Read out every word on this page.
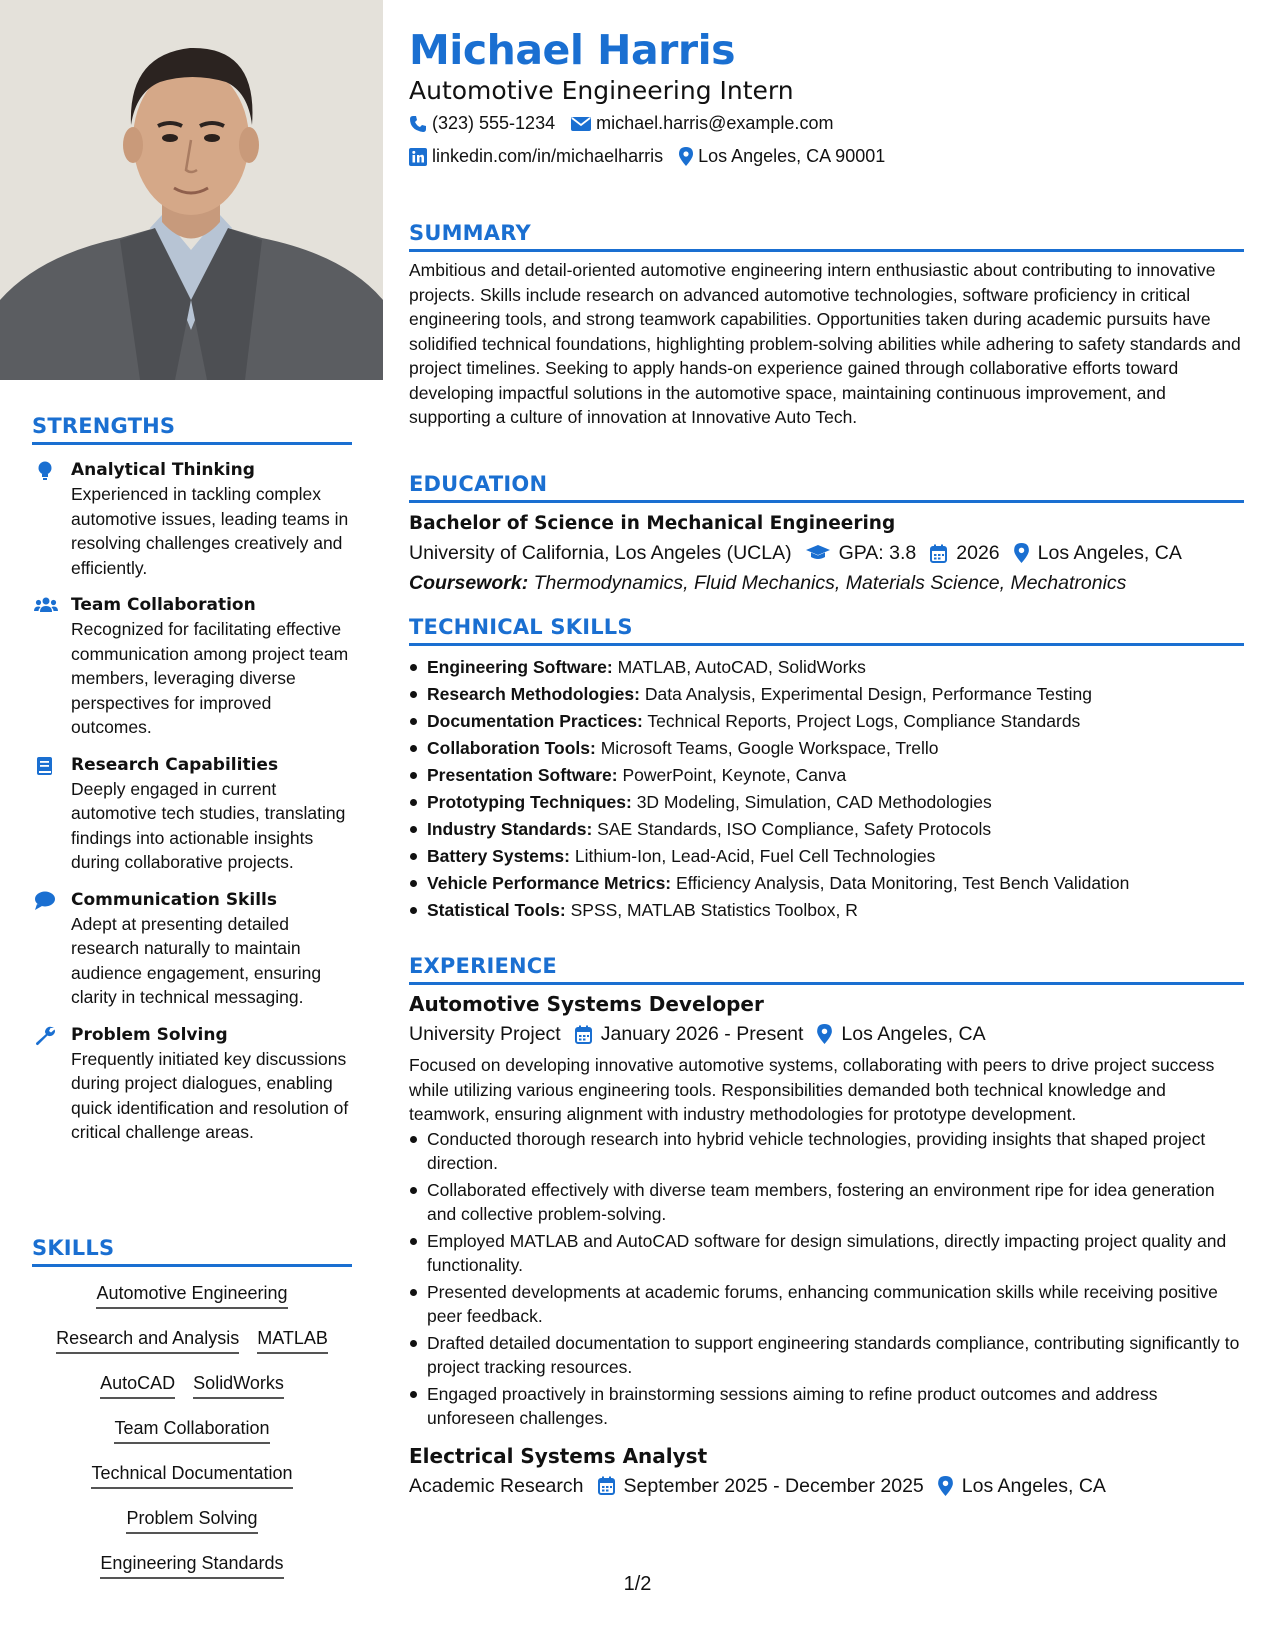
STRENGTHS
Analytical Thinking
Experienced in tackling complex automotive issues, leading teams in resolving challenges creatively and efficiently.
Team Collaboration
Recognized for facilitating effective communication among project team members, leveraging diverse perspectives for improved outcomes.
Research Capabilities
Deeply engaged in current automotive tech studies, translating findings into actionable insights during collaborative projects.
Communication Skills
Adept at presenting detailed research naturally to maintain audience engagement, ensuring clarity in technical messaging.
Problem Solving
Frequently initiated key discussions during project dialogues, enabling quick identification and resolution of critical challenge areas.
SKILLS
Automotive Engineering
Research and Analysis MATLAB
AutoCAD SolidWorks
Team Collaboration
Technical Documentation
Problem Solving
Engineering Standards
Michael Harris
Automotive Engineering Intern
(323) 555-1234 michael.harris@example.com
linkedin.com/in/michaelharris Los Angeles, CA 90001
SUMMARY
Ambitious and detail-oriented automotive engineering intern enthusiastic about contributing to innovative projects. Skills include research on advanced automotive technologies, software proficiency in critical engineering tools, and strong teamwork capabilities. Opportunities taken during academic pursuits have solidified technical foundations, highlighting problem-solving abilities while adhering to safety standards and project timelines. Seeking to apply hands-on experience gained through collaborative efforts toward developing impactful solutions in the automotive space, maintaining continuous improvement, and supporting a culture of innovation at Innovative Auto Tech.
EDUCATION
Bachelor of Science in Mechanical Engineering
University of California, Los Angeles (UCLA) GPA: 3.8 2026 Los Angeles, CA
Coursework: Thermodynamics, Fluid Mechanics, Materials Science, Mechatronics
TECHNICAL SKILLS
Engineering Software: MATLAB, AutoCAD, SolidWorks
Research Methodologies: Data Analysis, Experimental Design, Performance Testing
Documentation Practices: Technical Reports, Project Logs, Compliance Standards
Collaboration Tools: Microsoft Teams, Google Workspace, Trello
Presentation Software: PowerPoint, Keynote, Canva
Prototyping Techniques: 3D Modeling, Simulation, CAD Methodologies
Industry Standards: SAE Standards, ISO Compliance, Safety Protocols
Battery Systems: Lithium-Ion, Lead-Acid, Fuel Cell Technologies
Vehicle Performance Metrics: Efficiency Analysis, Data Monitoring, Test Bench Validation
Statistical Tools: SPSS, MATLAB Statistics Toolbox, R
EXPERIENCE
Automotive Systems Developer
University Project January 2026 - Present Los Angeles, CA
Focused on developing innovative automotive systems, collaborating with peers to drive project success while utilizing various engineering tools. Responsibilities demanded both technical knowledge and teamwork, ensuring alignment with industry methodologies for prototype development.
Conducted thorough research into hybrid vehicle technologies, providing insights that shaped project direction.
Collaborated effectively with diverse team members, fostering an environment ripe for idea generation and collective problem-solving.
Employed MATLAB and AutoCAD software for design simulations, directly impacting project quality and functionality.
Presented developments at academic forums, enhancing communication skills while receiving positive peer feedback.
Drafted detailed documentation to support engineering standards compliance, contributing significantly to project tracking resources.
Engaged proactively in brainstorming sessions aiming to refine product outcomes and address unforeseen challenges.
Electrical Systems Analyst
Academic Research September 2025 - December 2025 Los Angeles, CA
1/2
